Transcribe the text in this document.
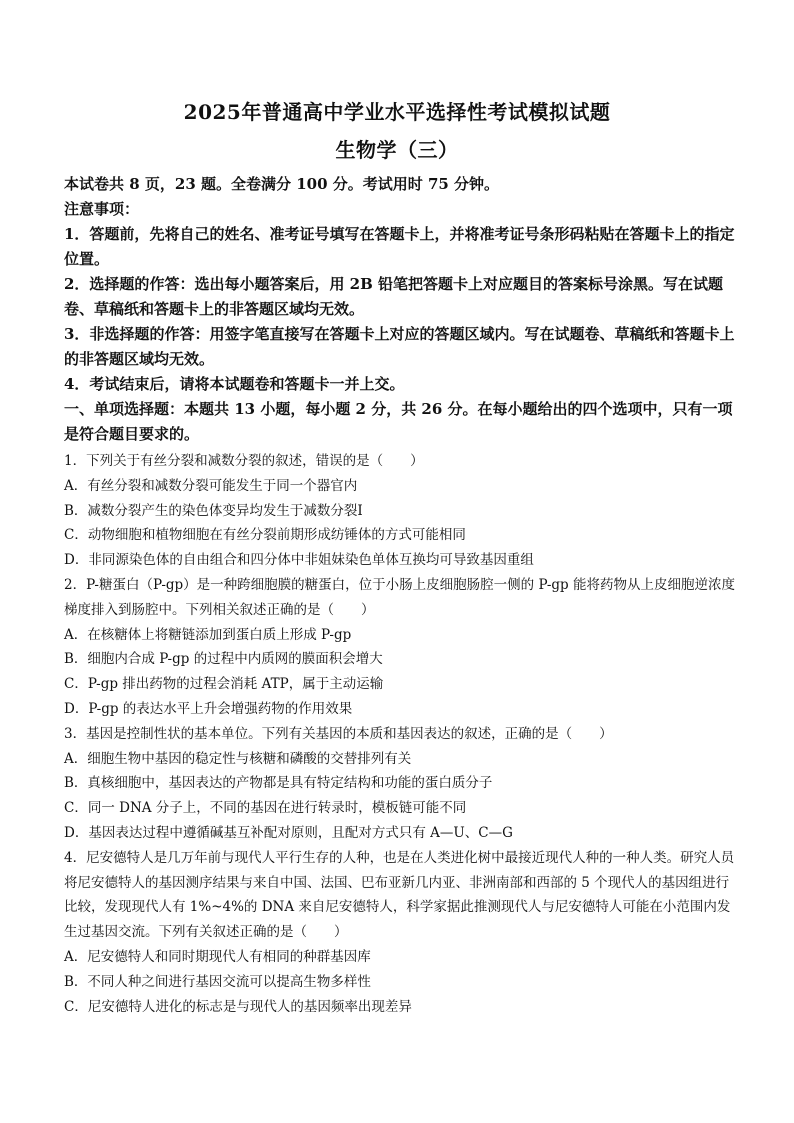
2025年普通高中学业水平选择性考试模拟试题
生物学（三）

本试卷共 8 页，23 题。全卷满分 100 分。考试用时 75 分钟。

注意事项：

1．答题前，先将自己的姓名、准考证号填写在答题卡上，并将准考证号条形码粘贴在答题卡上的指定位置。

2．选择题的作答：选出每小题答案后，用 2B 铅笔把答题卡上对应题目的答案标号涂黑。写在试题卷、草稿纸和答题卡上的非答题区域均无效。

3．非选择题的作答：用签字笔直接写在答题卡上对应的答题区域内。写在试题卷、草稿纸和答题卡上的非答题区域均无效。

4．考试结束后，请将本试题卷和答题卡一并上交。

一、单项选择题：本题共 13 小题，每小题 2 分，共 26 分。在每小题给出的四个选项中，只有一项是符合题目要求的。

1．下列关于有丝分裂和减数分裂的叙述，错误的是（　　）

A．有丝分裂和减数分裂可能发生于同一个器官内

B．减数分裂产生的染色体变异均发生于减数分裂Ⅰ

C．动物细胞和植物细胞在有丝分裂前期形成纺锤体的方式可能相同

D．非同源染色体的自由组合和四分体中非姐妹染色单体互换均可导致基因重组

2．P-糖蛋白（P-gp）是一种跨细胞膜的糖蛋白，位于小肠上皮细胞肠腔一侧的 P-gp 能将药物从上皮细胞逆浓度梯度排入到肠腔中。下列相关叙述正确的是（　　）

A．在核糖体上将糖链添加到蛋白质上形成 P-gp

B．细胞内合成 P-gp 的过程中内质网的膜面积会增大

C．P-gp 排出药物的过程会消耗 ATP，属于主动运输

D．P-gp 的表达水平上升会增强药物的作用效果

3．基因是控制性状的基本单位。下列有关基因的本质和基因表达的叙述，正确的是（　　）

A．细胞生物中基因的稳定性与核糖和磷酸的交替排列有关

B．真核细胞中，基因表达的产物都是具有特定结构和功能的蛋白质分子

C．同一 DNA 分子上，不同的基因在进行转录时，模板链可能不同

D．基因表达过程中遵循碱基互补配对原则，且配对方式只有 A—U、C—G

4．尼安德特人是几万年前与现代人平行生存的人种，也是在人类进化树中最接近现代人种的一种人类。研究人员将尼安德特人的基因测序结果与来自中国、法国、巴布亚新几内亚、非洲南部和西部的 5 个现代人的基因组进行比较，发现现代人有 1%~4%的 DNA 来自尼安德特人，科学家据此推测现代人与尼安德特人可能在小范围内发生过基因交流。下列有关叙述正确的是（　　）

A．尼安德特人和同时期现代人有相同的种群基因库

B．不同人种之间进行基因交流可以提高生物多样性

C．尼安德特人进化的标志是与现代人的基因频率出现差异
